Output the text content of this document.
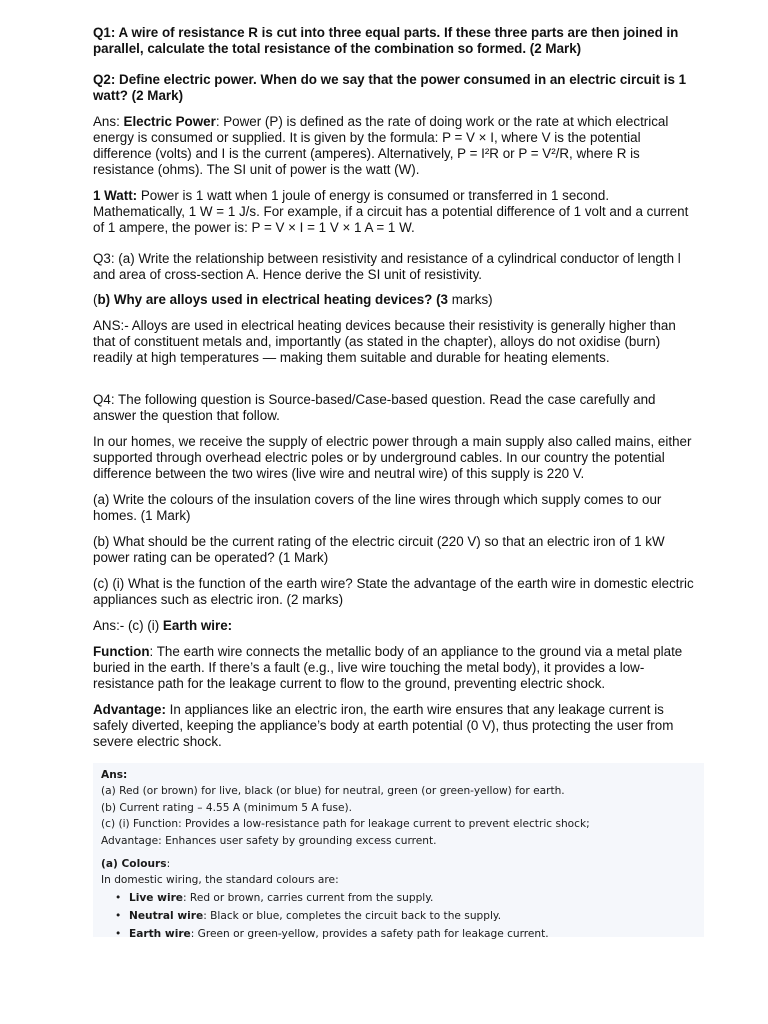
Q1: A wire of resistance R is cut into three equal parts. If these three parts are then joined in parallel, calculate the total resistance of the combination so formed. (2 Mark)

Q2: Define electric power. When do we say that the power consumed in an electric circuit is 1 watt? (2 Mark)

Ans: Electric Power: Power (P) is defined as the rate of doing work or the rate at which electrical energy is consumed or supplied. It is given by the formula: P = V × I, where V is the potential difference (volts) and I is the current (amperes). Alternatively, P = I²R or P = V²/R, where R is resistance (ohms). The SI unit of power is the watt (W).

1 Watt: Power is 1 watt when 1 joule of energy is consumed or transferred in 1 second. Mathematically, 1 W = 1 J/s. For example, if a circuit has a potential difference of 1 volt and a current of 1 ampere, the power is: P = V × I = 1 V × 1 A = 1 W.

Q3: (a) Write the relationship between resistivity and resistance of a cylindrical conductor of length l and area of cross-section A. Hence derive the SI unit of resistivity.

(b) Why are alloys used in electrical heating devices? (3 marks)

ANS:- Alloys are used in electrical heating devices because their resistivity is generally higher than that of constituent metals and, importantly (as stated in the chapter), alloys do not oxidise (burn) readily at high temperatures — making them suitable and durable for heating elements.

Q4: The following question is Source-based/Case-based question. Read the case carefully and answer the question that follow.

In our homes, we receive the supply of electric power through a main supply also called mains, either supported through overhead electric poles or by underground cables. In our country the potential difference between the two wires (live wire and neutral wire) of this supply is 220 V.

(a) Write the colours of the insulation covers of the line wires through which supply comes to our homes. (1 Mark)

(b) What should be the current rating of the electric circuit (220 V) so that an electric iron of 1 kW power rating can be operated? (1 Mark)

(c) (i) What is the function of the earth wire? State the advantage of the earth wire in domestic electric appliances such as electric iron. (2 marks)

Ans:- (c) (i) Earth wire:

Function: The earth wire connects the metallic body of an appliance to the ground via a metal plate buried in the earth. If there’s a fault (e.g., live wire touching the metal body), it provides a low-resistance path for the leakage current to flow to the ground, preventing electric shock.

Advantage: In appliances like an electric iron, the earth wire ensures that any leakage current is safely diverted, keeping the appliance’s body at earth potential (0 V), thus protecting the user from severe electric shock.

Ans:

(a) Red (or brown) for live, black (or blue) for neutral, green (or green-yellow) for earth.

(b) Current rating – 4.55 A (minimum 5 A fuse).

(c) (i) Function: Provides a low-resistance path for leakage current to prevent electric shock;

Advantage: Enhances user safety by grounding excess current.

(a) Colours:

In domestic wiring, the standard colours are:

• Live wire: Red or brown, carries current from the supply.
• Neutral wire: Black or blue, completes the circuit back to the supply.
• Earth wire: Green or green-yellow, provides a safety path for leakage current.
